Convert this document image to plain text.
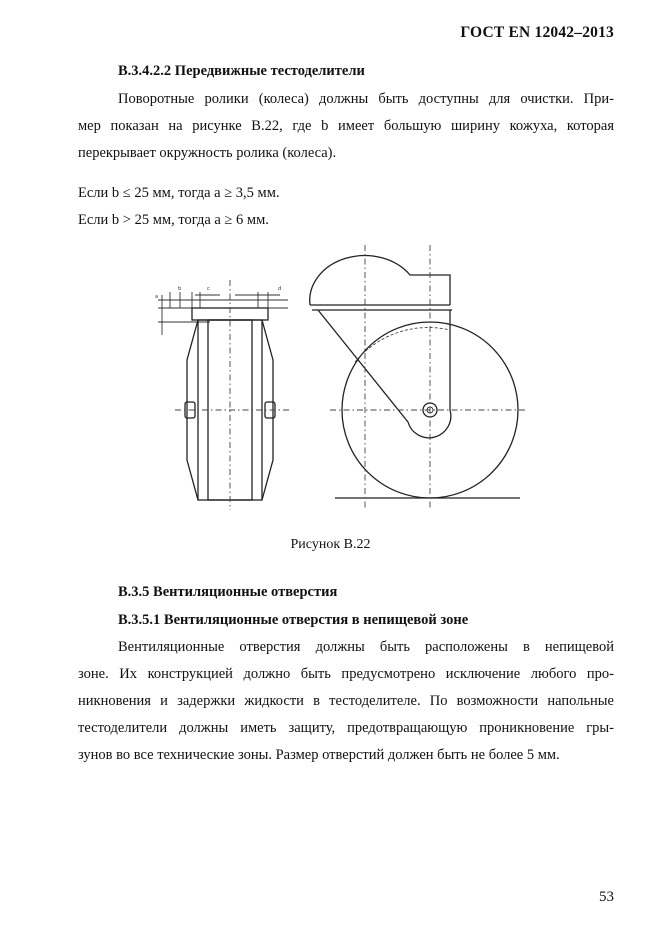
ГОСТ EN 12042–2013
B.3.4.2.2 Передвижные тестоделители
Поворотные ролики (колеса) должны быть доступны для очистки. При-
мер показан на рисунке B.22, где b имеет большую ширину кожуха, которая
перекрывает окружность ролика (колеса).
Если b ≤ 25 мм, тогда a ≥ 3,5 мм.
Если b > 25 мм, тогда a ≥ 6 мм.
a
b	c	d
Рисунок B.22
B.3.5 Вентиляционные отверстия
B.3.5.1 Вентиляционные отверстия в непищевой зоне
Вентиляционные отверстия должны быть расположены в непищевой
зоне. Их конструкцией должно быть предусмотрено исключение любого про-
никновения и задержки жидкости в тестоделителе. По возможности напольные
тестоделители должны иметь защиту, предотвращающую проникновение гры-
зунов во все технические зоны. Размер отверстий должен быть не более 5 мм.
53
